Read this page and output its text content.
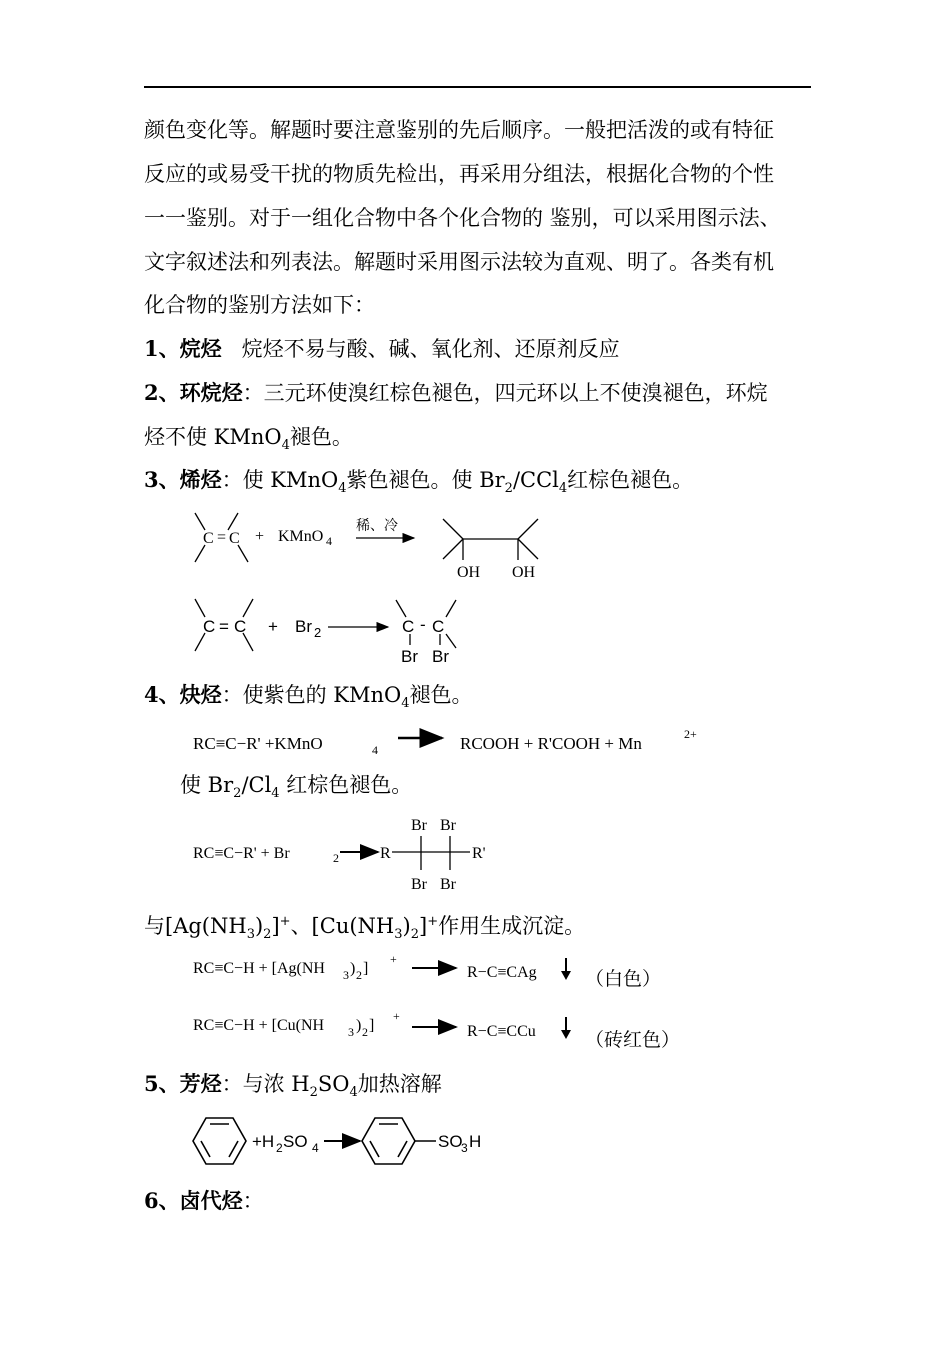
颜色变化等。解题时要注意鉴别的先后顺序。一般把活泼的或有特征
反应的或易受干扰的物质先检出，再采用分组法，根据化合物的个性
一一鉴别。对于一组化合物中各个化合物的 鉴别，可以采用图示法、
文字叙述法和列表法。解题时采用图示法较为直观、明了。各类有机
化合物的鉴别方法如下：
1、烷烃 烷烃不易与酸、碱、氧化剂、还原剂反应
2、环烷烃：三元环使溴红棕色褪色，四元环以上不使溴褪色，环烷
烃不使 KMnO$_4$褪色。
3、烯烃：使 KMnO$_4$紫色褪色。使 $Br_2/CCl_4$红棕色褪色。
4、炔烃：使紫色的 KMnO$_4$褪色。
使 $Br_2/Cl_4$ 红棕色褪色。
与$[Ag(NH_3)_2]^+$、$[Cu(NH_3)_2]^+$作用生成沉淀。
5、芳烃：与浓 $H_2SO_4$加热溶解
6、卤代烃：
C = C + KMnO 4
稀、冷
OH OH
C = C + Br 2	C - C
Br Br
RC≡C−R' +KMnO	4	RCOOH + R'COOH + Mn	2+
RC≡C−R' + Br	2	R	R'
Br Br
Br Br
RC≡C−H + [Ag(NH 3 ) 2 ]
+
R−C≡CAg	（白色）
RC≡C−H + [Cu(NH 3 ) 2 ]
+
R−C≡CCu	（砖红色）
+H 2 SO 4	SO
3 H
